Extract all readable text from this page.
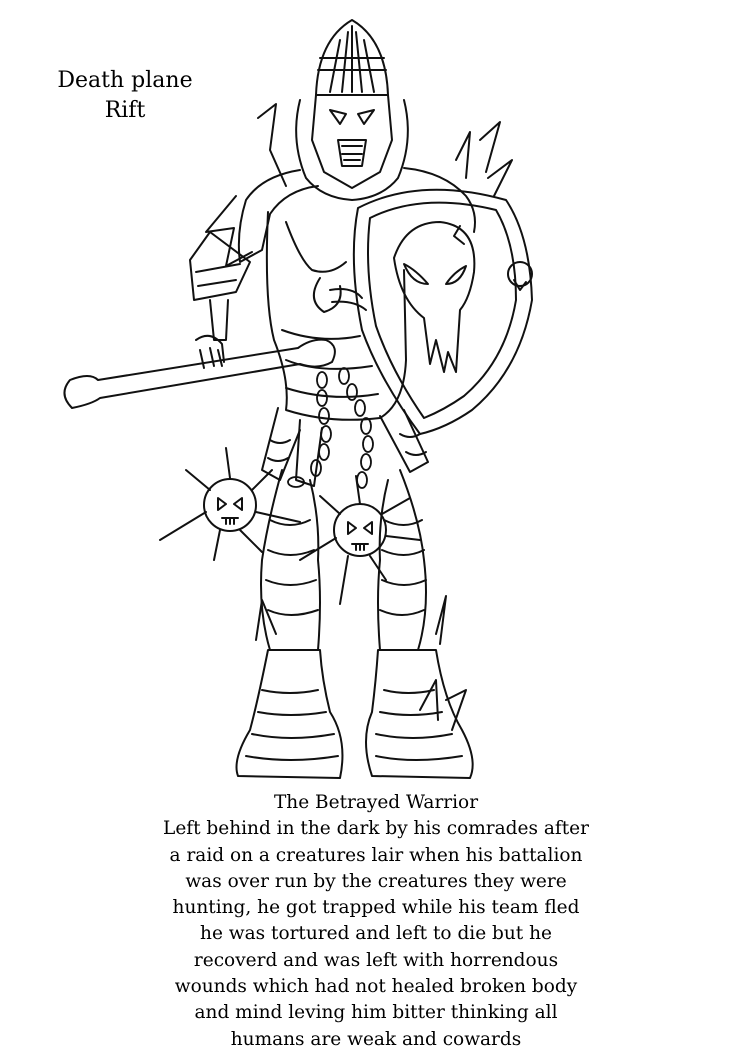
Death plane
Rift
The Betrayed Warrior
Left behind in the dark by his comrades after
a raid on a creatures lair when his battalion
was over run by the creatures they were
hunting, he got trapped while his team fled
he was tortured and left to die but he
recoverd and was left with horrendous
wounds which had not healed broken body
and mind leving him bitter thinking all
humans are weak and cowards
